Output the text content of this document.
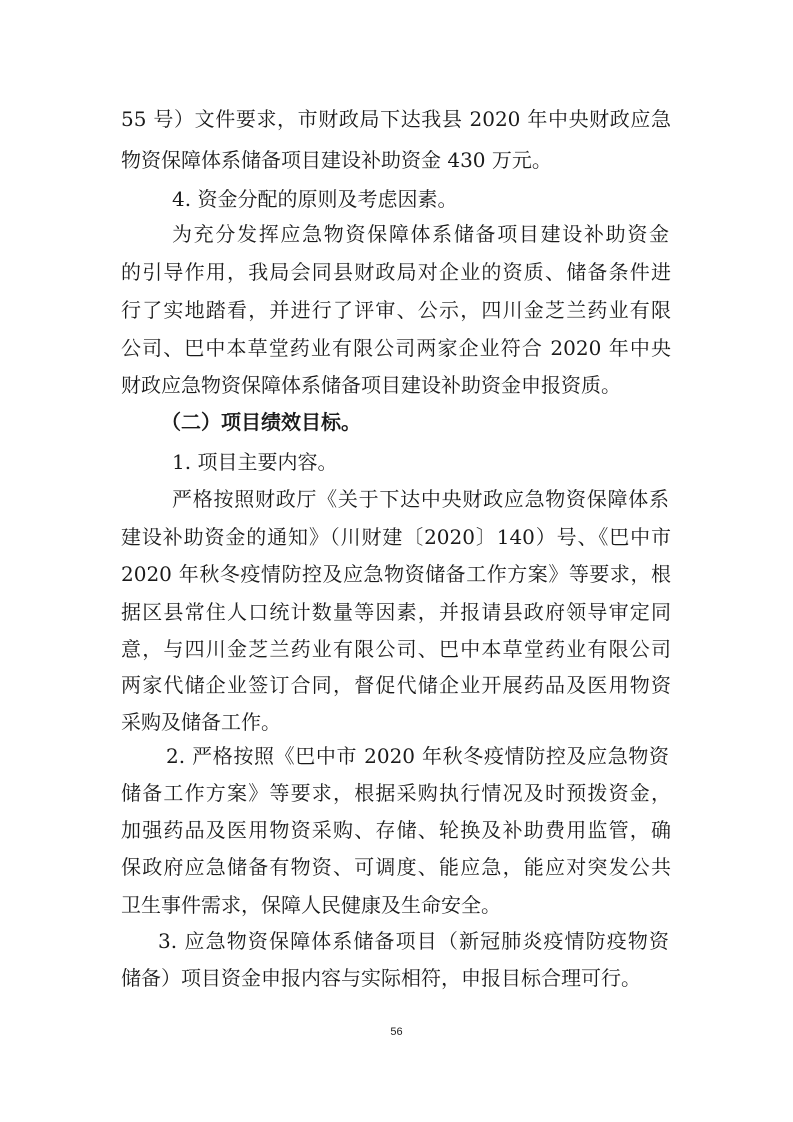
55 号）文件要求，市财政局下达我县 2020 年中央财政应急

物资保障体系储备项目建设补助资金 430 万元。

4. 资金分配的原则及考虑因素。

为充分发挥应急物资保障体系储备项目建设补助资金

的引导作用，我局会同县财政局对企业的资质、储备条件进

行了实地踏看，并进行了评审、公示，四川金芝兰药业有限

公司、巴中本草堂药业有限公司两家企业符合 2020 年中央

财政应急物资保障体系储备项目建设补助资金申报资质。

（二）项目绩效目标。

1. 项目主要内容。

严格按照财政厅《关于下达中央财政应急物资保障体系

建设补助资金的通知》（川财建〔2020〕140）号、《巴中市

2020 年秋冬疫情防控及应急物资储备工作方案》等要求，根

据区县常住人口统计数量等因素，并报请县政府领导审定同

意，与四川金芝兰药业有限公司、巴中本草堂药业有限公司

两家代储企业签订合同，督促代储企业开展药品及医用物资

采购及储备工作。

2. 严格按照《巴中市 2020 年秋冬疫情防控及应急物资

储备工作方案》等要求，根据采购执行情况及时预拨资金，

加强药品及医用物资采购、存储、轮换及补助费用监管，确

保政府应急储备有物资、可调度、能应急，能应对突发公共

卫生事件需求，保障人民健康及生命安全。

3. 应急物资保障体系储备项目（新冠肺炎疫情防疫物资

储备）项目资金申报内容与实际相符，申报目标合理可行。

56
